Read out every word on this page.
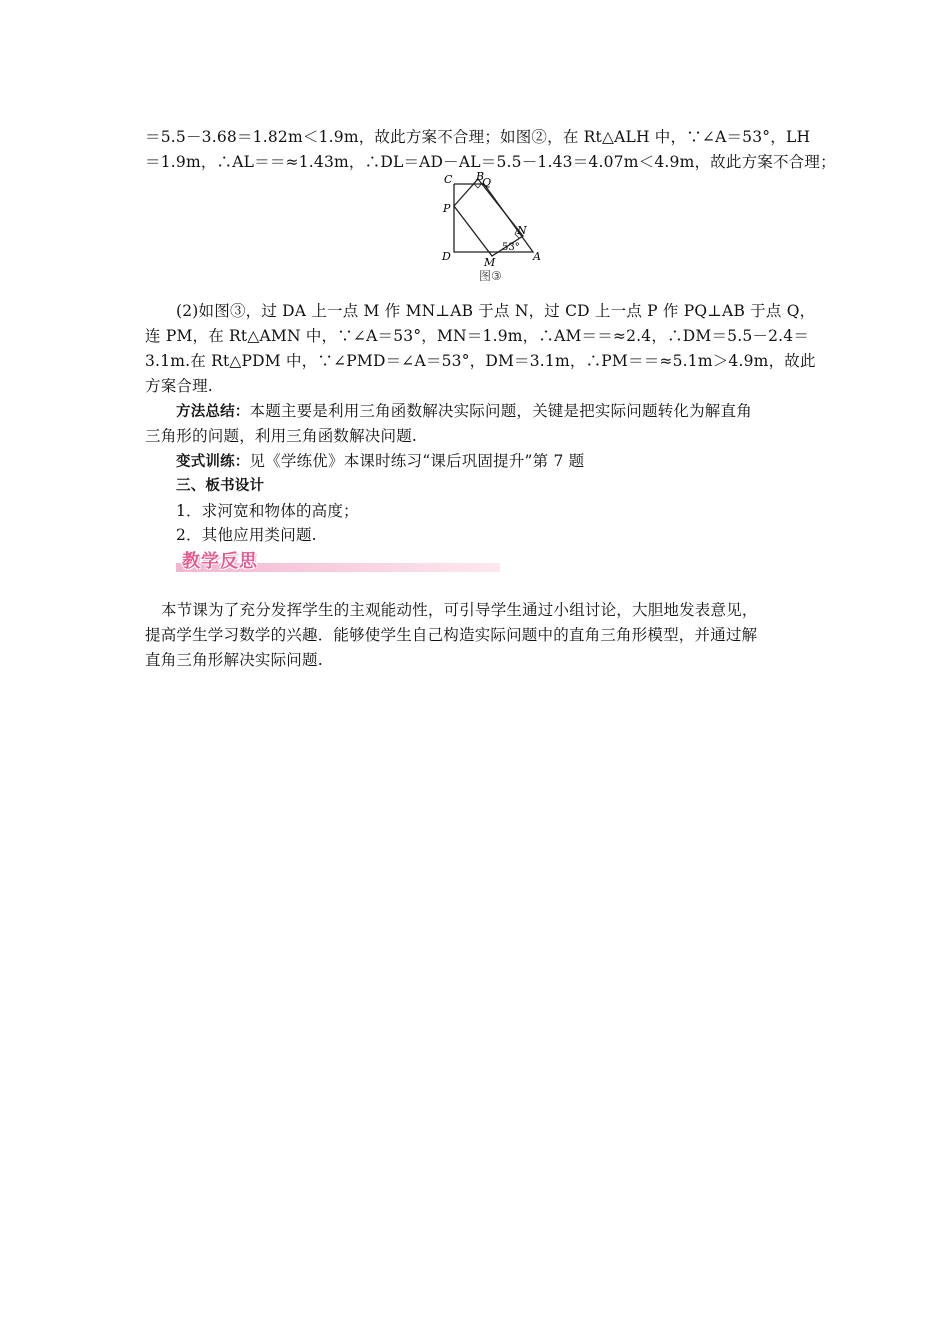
＝5.5－3.68＝1.82m＜1.9m，故此方案不合理；如图②，在 Rt△ALH 中，∵∠A＝53°，LH
＝1.9m，∴AL＝＝≈1.43m，∴DL＝AD－AL＝5.5－1.43＝4.07m＜4.9m，故此方案不合理；
C B
Q
P
N
53°
D	M	A
图③
(2)如图③，过 DA 上一点 M 作 MN⊥AB 于点 N，过 CD 上一点 P 作 PQ⊥AB 于点 Q，
连 PM，在 Rt△AMN 中，∵∠A＝53°，MN＝1.9m，∴AM＝＝≈2.4，∴DM＝5.5－2.4＝
3.1m.在 Rt△PDM 中，∵∠PMD＝∠A＝53°，DM＝3.1m，∴PM＝＝≈5.1m＞4.9m，故此
方案合理.
方法总结：本题主要是利用三角函数解决实际问题，关键是把实际问题转化为解直角
三角形的问题，利用三角函数解决问题.
变式训练：见《学练优》本课时练习“课后巩固提升”第 7 题
三、板书设计
1．求河宽和物体的高度；
2．其他应用类问题.
教学反思
本节课为了充分发挥学生的主观能动性，可引导学生通过小组讨论，大胆地发表意见，
提高学生学习数学的兴趣．能够使学生自己构造实际问题中的直角三角形模型，并通过解
直角三角形解决实际问题.
